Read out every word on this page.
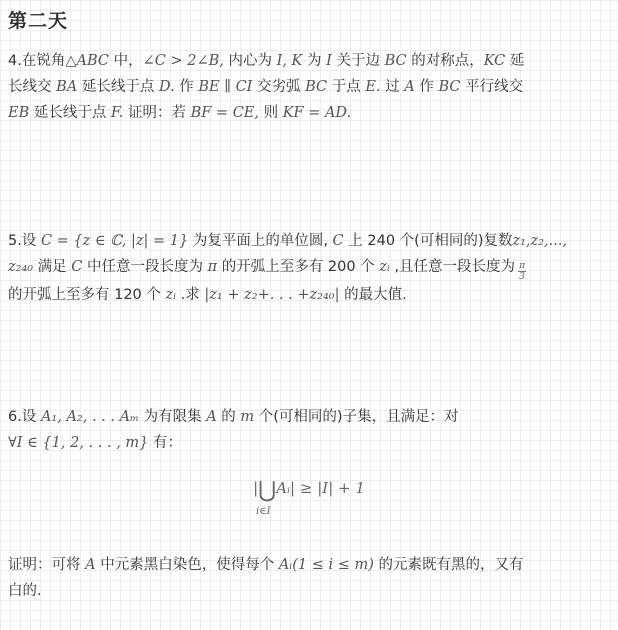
第二天
4.在锐角△ABC 中，∠C > 2∠B, 内心为 I, K 为 I 关于边 BC 的对称点，KC 延
长线交 BA 延长线于点 D. 作 BE ∥ CI 交劣弧 BC 于点 E. 过 A 作 BC 平行线交
EB 延长线于点 F. 证明：若 BF = CE, 则 KF = AD.
5.设 C = {z ∈ ℂ, |z| = 1} 为复平面上的单位圆, C 上 240 个(可相同的)复数z₁,z₂,...,
z₂₄₀ 满足 C 中任意一段长度为 π 的开弧上至多有 200 个 zᵢ ,且任意一段长度为 $\frac{\pi}{3}$
的开弧上至多有 120 个 zᵢ .求 |z₁ + z₂+. . . +z₂₄₀| 的最大值.
6.设 A₁, A₂, . . . Aₘ 为有限集 A 的 m 个(可相同的)子集，且满足：对
∀I ∈ {1, 2, . . . , m} 有：
|⋃Aᵢ| ≥ |I| + 1
i∈I
证明：可将 A 中元素黑白染色，使得每个 Aᵢ(1 ≤ i ≤ m) 的元素既有黑的，又有
白的.
